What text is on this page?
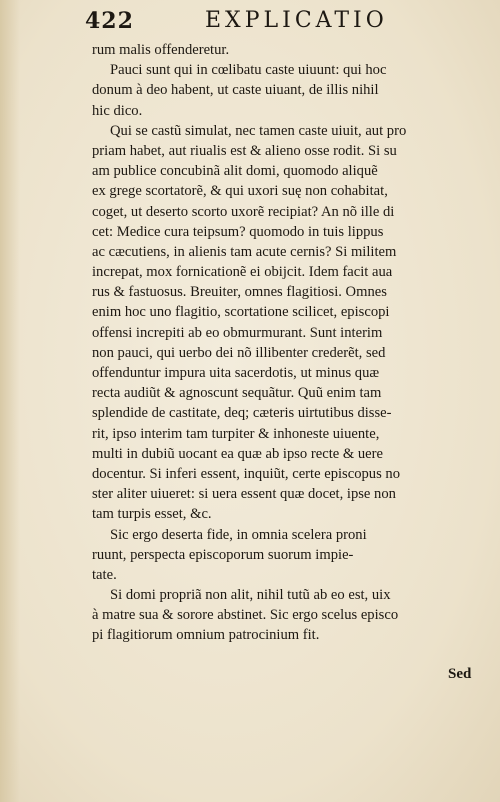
422	EXPLICATIO
rum malis offenderetur.
Pauci sunt qui in cœlibatu caste uiuunt: qui hoc
donum à deo habent, ut caste uiuant, de illis nihil
hic dico.
Qui se castũ simulat, nec tamen caste uiuit, aut pro
priam habet, aut riualis est & alieno osse rodit. Si su
am publice concubinã alit domi, quomodo aliquẽ
ex grege scortatorẽ, & qui uxori suę non cohabitat,
coget, ut deserto scorto uxorẽ recipiat? An nõ ille di
cet: Medice cura teipsum? quomodo in tuis lippus
ac cæcutiens, in alienis tam acute cernis? Si militem
increpat, mox fornicationẽ ei obijcit. Idem facit aua
rus & fastuosus. Breuiter, omnes flagitiosi. Omnes
enim hoc uno flagitio, scortatione scilicet, episcopi
offensi increpiti ab eo obmurmurant. Sunt interim
non pauci, qui uerbo dei nõ illibenter crederẽt, sed
offenduntur impura uita sacerdotis, ut minus quæ
recta audiũt & agnoscunt sequãtur. Quũ enim tam
splendide de castitate, deq; cæteris uirtutibus disse-
rit, ipso interim tam turpiter & inhoneste uiuente,
multi in dubiũ uocant ea quæ ab ipso recte & uere
docentur. Si inferi essent, inquiũt, certe episcopus no
ster aliter uiueret: si uera essent quæ docet, ipse non
tam turpis esset, &c.
Sic ergo deserta fide, in omnia scelera proni
ruunt, perspecta episcoporum suorum impie-
tate.
Si domi propriã non alit, nihil tutũ ab eo est, uix
à matre sua & sorore abstinet. Sic ergo scelus episco
pi flagitiorum omnium patrocinium fit.
Sed
